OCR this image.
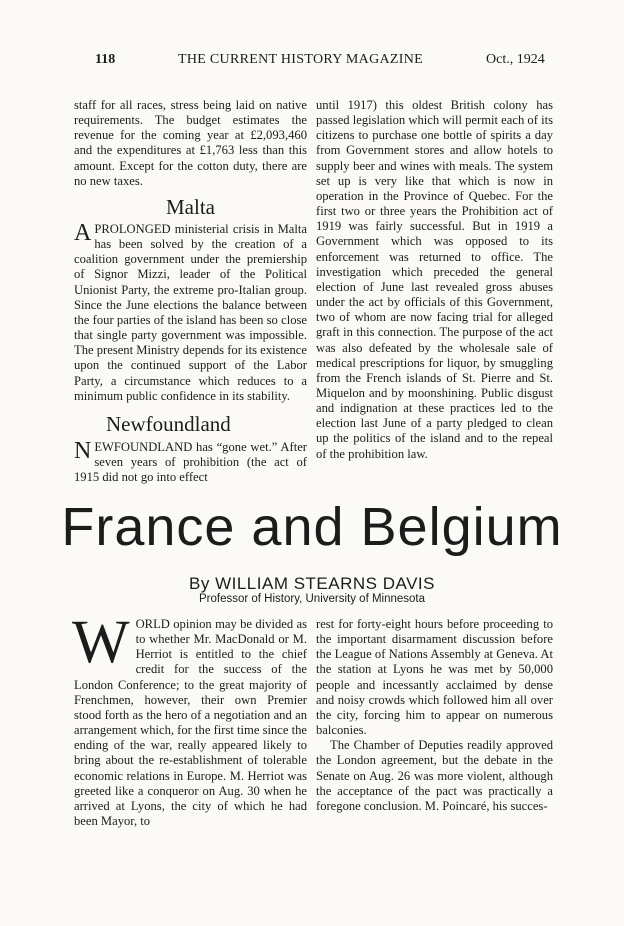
118	THE CURRENT HISTORY MAGAZINE	Oct., 1924

staff for all races, stress being laid on native requirements. The budget estimates the revenue for the coming year at £2,093,460 and the expenditures at £1,763 less than this amount. Except for the cotton duty, there are no new taxes.

Malta

APROLONGED ministerial crisis in Malta has been solved by the creation of a coalition government under the premiership of Signor Mizzi, leader of the Political Unionist Party, the extreme pro-Italian group. Since the June elections the balance between the four parties of the island has been so close that single party government was impossible. The present Ministry depends for its existence upon the continued support of the Labor Party, a circumstance which reduces to a minimum public confidence in its stability.

Newfoundland

NEWFOUNDLAND has “gone wet.” After seven years of prohibition (the act of 1915 did not go into effect

until 1917) this oldest British colony has passed legislation which will permit each of its citizens to purchase one bottle of spirits a day from Government stores and allow hotels to supply beer and wines with meals. The system set up is very like that which is now in operation in the Province of Quebec. For the first two or three years the Prohibition act of 1919 was fairly successful. But in 1919 a Government which was opposed to its enforcement was returned to office. The investigation which preceded the general election of June last revealed gross abuses under the act by officials of this Government, two of whom are now facing trial for alleged graft in this connection. The purpose of the act was also defeated by the wholesale sale of medical prescriptions for liquor, by smuggling from the French islands of St. Pierre and St. Miquelon and by moonshining. Public disgust and indignation at these practices led to the election last June of a party pledged to clean up the politics of the island and to the repeal of the prohibition law.

France and Belgium
By WILLIAM STEARNS DAVIS
Professor of History, University of Minnesota

WORLD opinion may be divided as to whether Mr. MacDonald or M. Herriot is entitled to the chief credit for the success of the London Conference; to the great majority of Frenchmen, however, their own Premier stood forth as the hero of a negotiation and an arrangement which, for the first time since the ending of the war, really appeared likely to bring about the re-establishment of tolerable economic relations in Europe. M. Herriot was greeted like a conqueror on Aug. 30 when he arrived at Lyons, the city of which he had been Mayor, to

rest for forty-eight hours before proceeding to the important disarmament discussion before the League of Nations Assembly at Geneva. At the station at Lyons he was met by 50,000 people and incessantly acclaimed by dense and noisy crowds which followed him all over the city, forcing him to appear on numerous balconies.

The Chamber of Deputies readily approved the London agreement, but the debate in the Senate on Aug. 26 was more violent, although the acceptance of the pact was practically a foregone conclusion. M. Poincaré, his succes-
